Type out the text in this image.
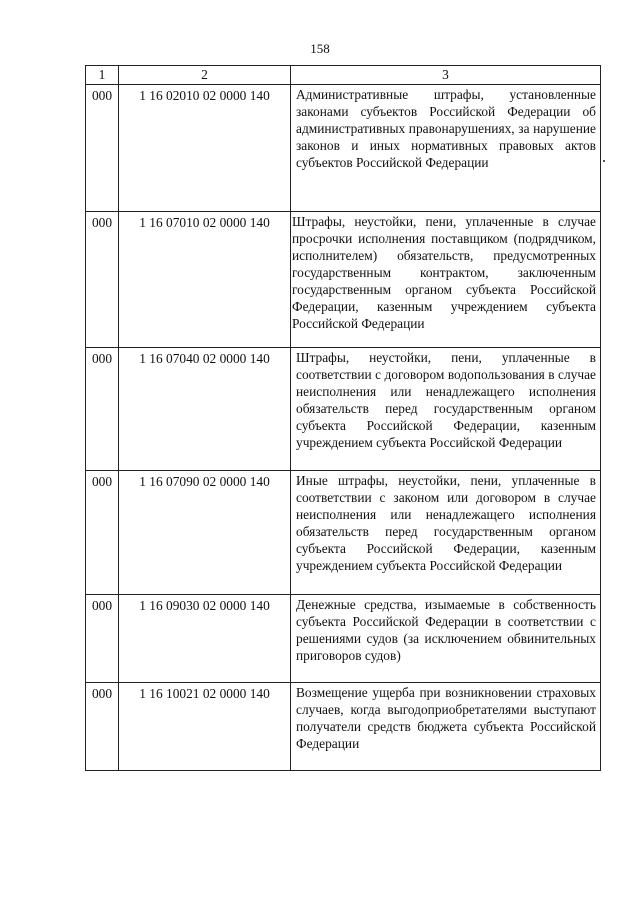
158
1	2	3
000	1 16 02010 02 0000 140	Административные штрафы, установленные законами субъектов Российской Федерации об административных правонарушениях, за нарушение законов и иных нормативных правовых актов субъектов Российской Федерации
000	1 16 07010 02 0000 140	Штрафы, неустойки, пени, уплаченные в случае просрочки исполнения поставщиком (подрядчиком, исполнителем) обязательств, предусмотренных государственным контрактом, заключенным государственным органом субъекта Российской Федерации, казенным учреждением субъекта Российской Федерации
000	1 16 07040 02 0000 140	Штрафы, неустойки, пени, уплаченные в соответствии с договором водопользования в случае неисполнения или ненадлежащего исполнения обязательств перед государственным органом субъекта Российской Федерации, казенным учреждением субъекта Российской Федерации
000	1 16 07090 02 0000 140	Иные штрафы, неустойки, пени, уплаченные в соответствии с законом или договором в случае неисполнения или ненадлежащего исполнения обязательств перед государственным органом субъекта Российской Федерации, казенным учреждением субъекта Российской Федерации
000	1 16 09030 02 0000 140	Денежные средства, изымаемые в собственность субъекта Российской Федерации в соответствии с решениями судов (за исключением обвинительных приговоров судов)
000	1 16 10021 02 0000 140	Возмещение ущерба при возникновении страховых случаев, когда выгодоприобретателями выступают получатели средств бюджета субъекта Российской Федерации
